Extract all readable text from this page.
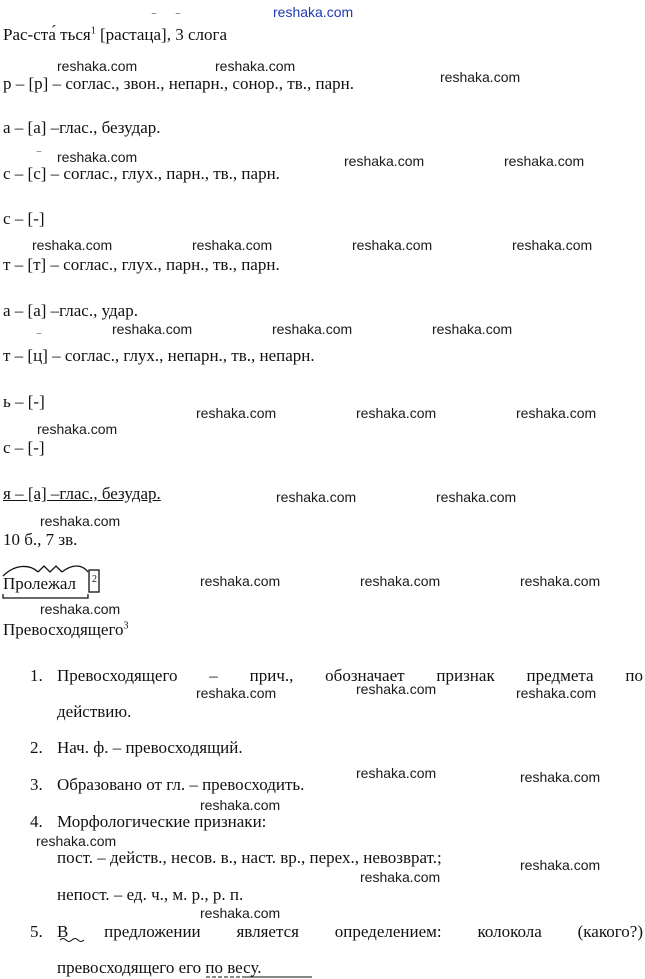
reshaka.com
Рас-ста́ ться$^1$ [растаца], 3 слога
‾ ‾
р – [р] – соглас., звон., непарн., сонор., тв., парн.
а – [а] –глас., безудар.
с – [с] – соглас., глух., парн., тв., парн.
‾
с – [-]
т – [т] – соглас., глух., парн., тв., парн.
а – [а] –глас., удар.
т – [ц] – соглас., глух., непарн., тв., непарн.
‾
ь – [-]
с – [-]
я – [а] –глас., безудар.
10 б., 7 зв.
Пролежал $^2$
Превосходящего$^3$
1. Превосходящего – прич., обозначает признак предмета по
действию.
2. Нач. ф. – превосходящий.
3. Образовано от гл. – превосходить.
4. Морфологические признаки:
пост. – действ., несов. в., наст. вр., перех., невозврат.;
непост. – ед. ч., м. р., р. п.
5. В предложении является определением: колокола (какого?)
превосходящего его по весу.
reshaka.com	reshaka.com
reshaka.com
reshaka.com	reshaka.com	reshaka.com
reshaka.com	reshaka.com	reshaka.com	reshaka.com
reshaka.com	reshaka.com	reshaka.com
reshaka.com	reshaka.com	reshaka.com
reshaka.com
reshaka.com	reshaka.com
reshaka.com
reshaka.com	reshaka.com	reshaka.com
reshaka.com
reshaka.com
reshaka.com	reshaka.com
reshaka.com	reshaka.com
reshaka.com
reshaka.com
reshaka.com
reshaka.com
reshaka.com
